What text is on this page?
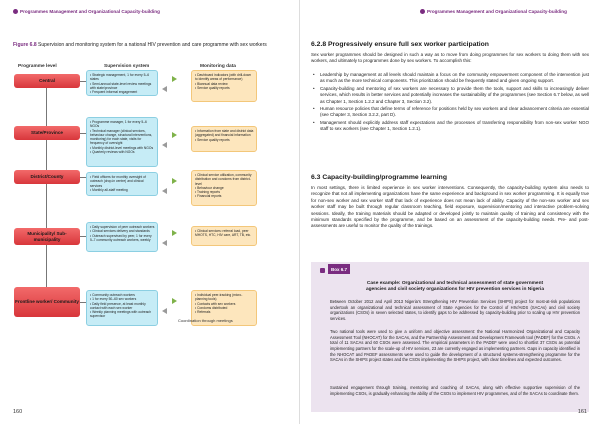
Programmes Management and Organizational Capacity-building
Figure 6.8 Supervision and monitoring system for a national HIV prevention and care programme with sex workers
Programme level	Supervision system	Monitoring data
Central
State/Province
District/County
Municipality/ Sub-municipality
Frontline worker/ Community
• Strategic management, 1 for every 5–6 states
• Semi-annual state-level review meetings with state/province
• Frequent informal engagement
• Programme manager, 1 for every 5–6 NGOs
• Technical manager (clinical services, behaviour change, structural interventions, monitoring) for each state, visits for frequency of oversight
• Monthly district-level meetings with NGOs
• Quarterly reviews with NGOs
• Field officers for monthly oversight of outreach (drop-in centre) and clinical services
• Monthly all-staff meeting
• Daily supervision of peer outreach workers
• Clinical services delivery and standards
• Outreach supervised by peer, 1 for every 5–7 community outreach workers, weekly
• Community outreach workers
• 1 for every 50–60 sex workers
• Daily field presence, at least monthly contact with each sex worker
• Weekly planning meetings with outreach supervisor
• Dashboard indicators (with drill-down to identify areas of performance)
• Biannual data review
• Service quality reports
• Information from state and district data (aggregated) and financial information
• Service quality reports
• Clinical service utilization, community distribution and condoms from district-level
• Behaviour change
• Training reports
• Financial reports
• Clinical services: referral load, peer MHOTS, HTC, HIV care, ART, TB, etc.
• Individual peer-tracking (micro-planning tools)
• Contacts with sex workers
• Condoms distributed
• Referrals
Coordination through meetings
160
Programmes Management and Organizational Capacity-building
6.2.8 Progressively ensure full sex worker participation
Sex worker programmes should be designed in such a way as to move from doing programmes for sex workers to doing them with sex workers, and ultimately to programmes done by sex workers. To accomplish this:
• Leadership by management at all levels should maintain a focus on the community empowerment component of the intervention just as much as the more technical components. This prioritization should be frequently stated and given ongoing support.
• Capacity-building and mentoring of sex workers are necessary to provide them the tools, support and skills to increasingly deliver services, which results in better services and potentially increases the sustainability of the programmes (see Section 6.7 below, as well as Chapter 1, Section 1.2.2 and Chapter 3, Section 3.2).
• Human resource policies that define terms of reference for positions held by sex workers and clear advancement criteria are essential (see Chapter 3, Section 3.2.2, part D).
• Management should explicitly address staff expectations and the processes of transferring responsibility from non-sex worker NGO staff to sex workers (see Chapter 1, Section 1.2.1).
6.3 Capacity-building/programme learning
In most settings, there is limited experience in sex worker interventions. Consequently, the capacity-building system also needs to recognize that not all implementing organizations have the same experience and background in sex worker programming. It is equally true for non-sex worker and sex worker staff that lack of experience does not mean lack of ability. Capacity of the non-sex worker and sex worker staff may be built through regular classroom teaching, field exposure, supervision/mentoring and interactive problem-solving sessions. Ideally, the training materials should be adapted or developed jointly to maintain quality of training and consistency with the minimum standards specified by the programme, and be based on an assessment of the capacity-building needs. Pre- and post-assessments are useful to monitor the quality of the trainings.
Box 6.7
Case example: Organizational and technical assessment of state government agencies and civil society organizations for HIV prevention services in Nigeria
Between October 2012 and April 2013 Nigeria’s Strengthening HIV Prevention Services (SHIPS) project for most-at-risk populations undertook an organizational and technical assessment of State Agencies for the Control of HIV/AIDS (SACAs) and civil society organizations (CSOs) in seven selected states, to identify gaps to be addressed by capacity-building prior to scaling up HIV prevention services.
Two national tools were used to give a uniform and objective assessment: the National Harmonized Organizational and Capacity Assessment Tool (NHOCAT) for the SACAs, and the Partnership Assessment and Development Framework tool (PADEF) for the CSOs. A total of 11 SACAs and 60 CSOs were assessed. The empirical parameters in the PADEF were used to shortlist 37 CSOs as potential implementing partners for the scale-up of HIV services, 23 are currently engaged as implementing partners. Gaps in capacity identified in the NHOCAT and PADEF assessments were used to guide the development of a structured systems-strengthening programme for the SACAs in the SHIPS project states and the CSOs implementing the SHIPS project, with clear timelines and expected outcomes.
Sustained engagement through training, mentoring and coaching of SACAs, along with effective supportive supervision of the implementing CSOs, is gradually enhancing the ability of the CSOs to implement HIV programmes, and of the SACAs to coordinate them.
161
